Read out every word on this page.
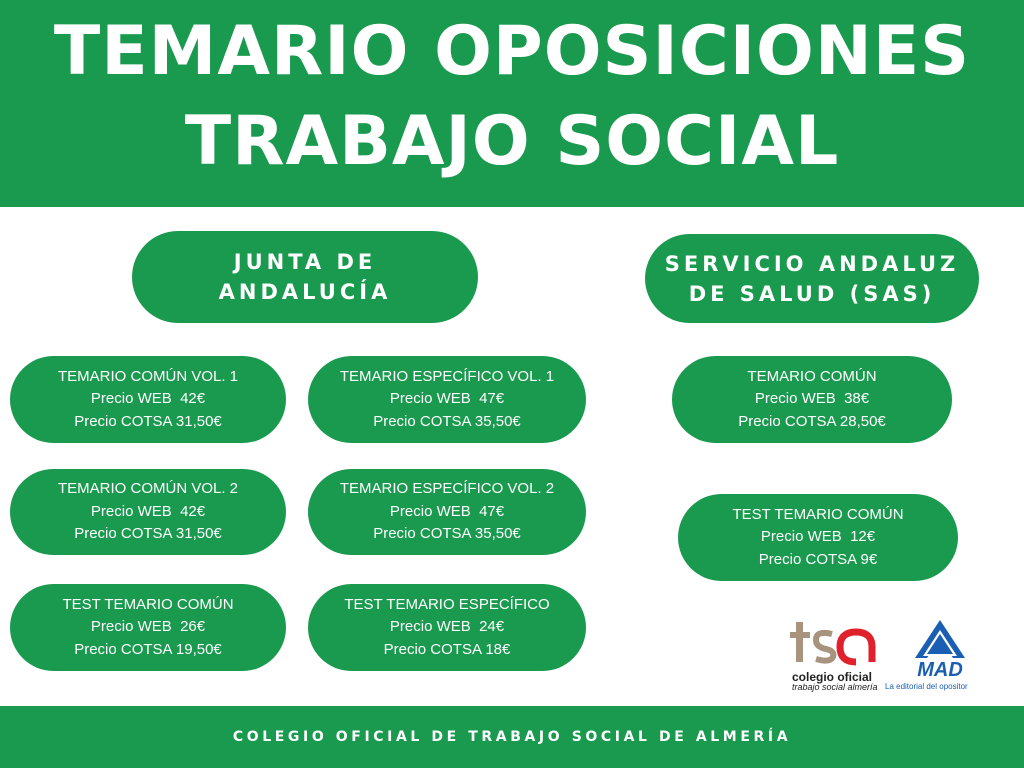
TEMARIO OPOSICIONES
TRABAJO SOCIAL
JUNTA DE
ANDALUCÍA
SERVICIO ANDALUZ
DE SALUD (SAS)
TEMARIO COMÚN VOL. 1
Precio WEB  42€
Precio COTSA 31,50€
TEMARIO ESPECÍFICO VOL. 1
Precio WEB  47€
Precio COTSA 35,50€
TEMARIO COMÚN VOL. 2
Precio WEB  42€
Precio COTSA 31,50€
TEMARIO ESPECÍFICO VOL. 2
Precio WEB  47€
Precio COTSA 35,50€
TEST TEMARIO COMÚN
Precio WEB  26€
Precio COTSA 19,50€
TEST TEMARIO ESPECÍFICO
Precio WEB  24€
Precio COTSA 18€
TEMARIO COMÚN
Precio WEB  38€
Precio COTSA 28,50€
TEST TEMARIO COMÚN
Precio WEB  12€
Precio COTSA 9€
colegio oficial
trabajo social almería
MAD
La editorial del opositor
COLEGIO OFICIAL DE TRABAJO SOCIAL DE ALMERÍA
